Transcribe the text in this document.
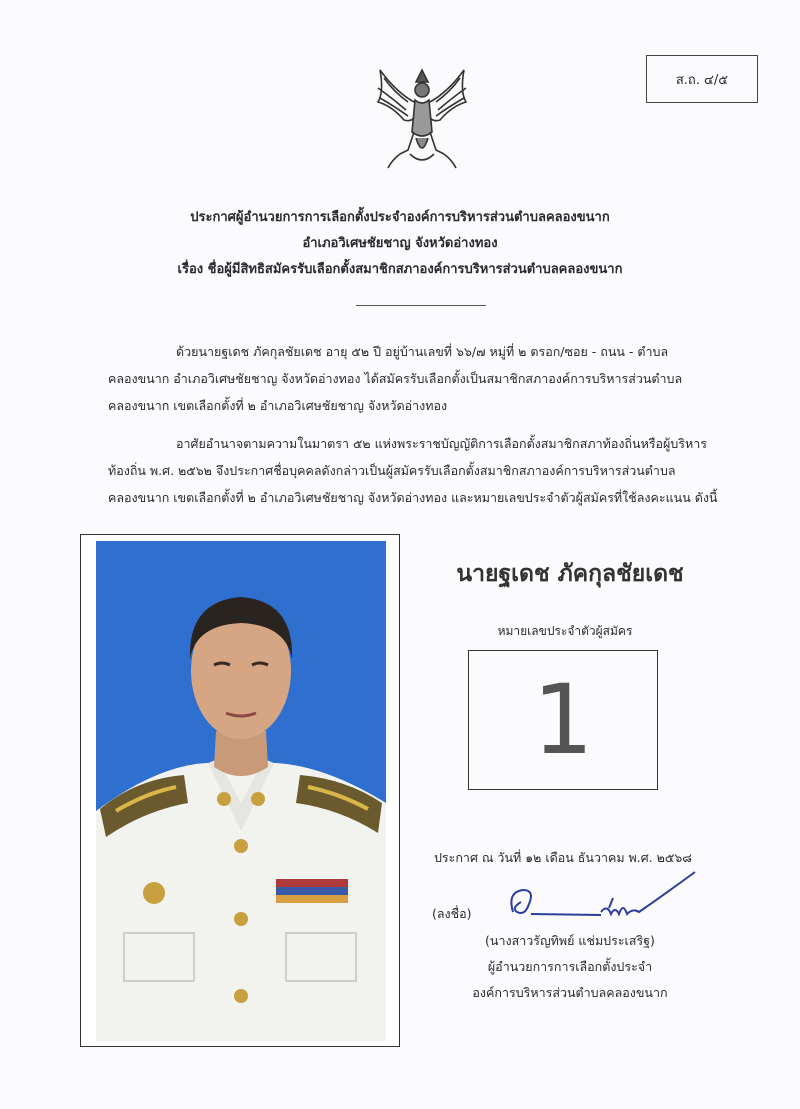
ส.ถ. ๔/๕
ประกาศผู้อำนวยการการเลือกตั้งประจำองค์การบริหารส่วนตำบลคลองขนาก
อำเภอวิเศษชัยชาญ จังหวัดอ่างทอง
เรื่อง ชื่อผู้มีสิทธิสมัครรับเลือกตั้งสมาชิกสภาองค์การบริหารส่วนตำบลคลองขนาก
ด้วยนายฐเดช ภัคกุลชัยเดช อายุ ๕๒ ปี อยู่บ้านเลขที่ ๖๖/๗ หมู่ที่ ๒ ตรอก/ซอย - ถนน - ตำบล
คลองขนาก อำเภอวิเศษชัยชาญ จังหวัดอ่างทอง ได้สมัครรับเลือกตั้งเป็นสมาชิกสภาองค์การบริหารส่วนตำบล
คลองขนาก เขตเลือกตั้งที่ ๒ อำเภอวิเศษชัยชาญ จังหวัดอ่างทอง
อาศัยอำนาจตามความในมาตรา ๕๒ แห่งพระราชบัญญัติการเลือกตั้งสมาชิกสภาท้องถิ่นหรือผู้บริหาร
ท้องถิ่น พ.ศ. ๒๕๖๒ จึงประกาศชื่อบุคคลดังกล่าวเป็นผู้สมัครรับเลือกตั้งสมาชิกสภาองค์การบริหารส่วนตำบล
คลองขนาก เขตเลือกตั้งที่ ๒ อำเภอวิเศษชัยชาญ จังหวัดอ่างทอง และหมายเลขประจำตัวผู้สมัครที่ใช้ลงคะแนน ดังนี้
นายฐเดช ภัคกุลชัยเดช
หมายเลขประจำตัวผู้สมัคร
1
ประกาศ ณ วันที่ ๑๒ เดือน ธันวาคม พ.ศ. ๒๕๖๘
(ลงชื่อ)
(นางสาวรัญทิพย์ แช่มประเสริฐ)
ผู้อำนวยการการเลือกตั้งประจำ
องค์การบริหารส่วนตำบลคลองขนาก
